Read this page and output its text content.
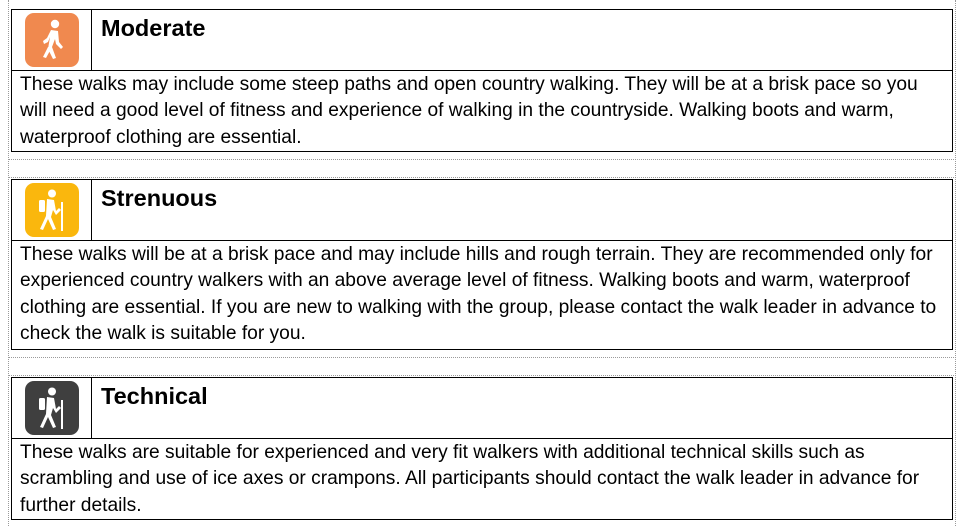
Moderate
These walks may include some steep paths and open country walking. They will be at a brisk pace so you will need a good level of fitness and experience of walking in the countryside. Walking boots and warm, waterproof clothing are essential.
Strenuous
These walks will be at a brisk pace and may include hills and rough terrain. They are recommended only for experienced country walkers with an above average level of fitness. Walking boots and warm, waterproof clothing are essential. If you are new to walking with the group, please contact the walk leader in advance to check the walk is suitable for you.
Technical
These walks are suitable for experienced and very fit walkers with additional technical skills such as scrambling and use of ice axes or crampons. All participants should contact the walk leader in advance for further details.
